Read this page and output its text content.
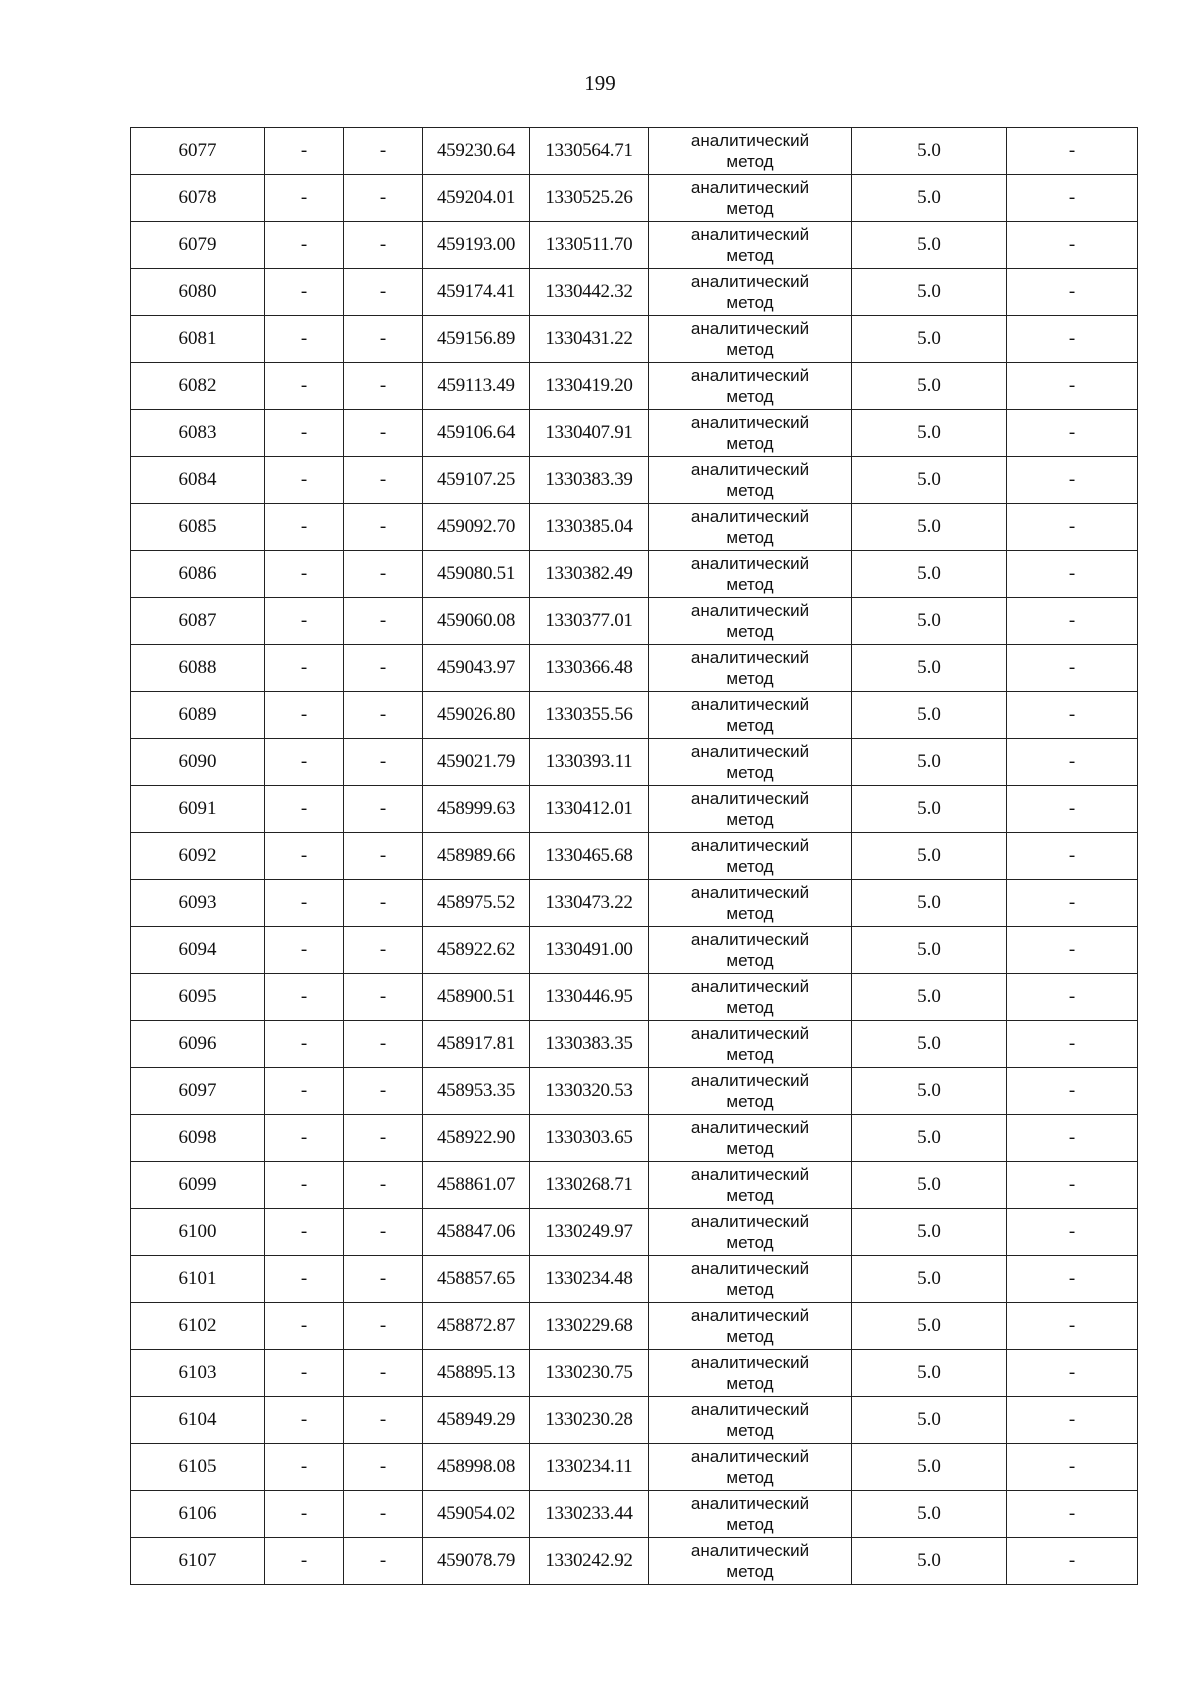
199
6077	-	-	459230.64	1330564.71	аналитический
метод	5.0	-
6078	-	-	459204.01	1330525.26	аналитический
метод	5.0	-
6079	-	-	459193.00	1330511.70	аналитический
метод	5.0	-
6080	-	-	459174.41	1330442.32	аналитический
метод	5.0	-
6081	-	-	459156.89	1330431.22	аналитический
метод	5.0	-
6082	-	-	459113.49	1330419.20	аналитический
метод	5.0	-
6083	-	-	459106.64	1330407.91	аналитический
метод	5.0	-
6084	-	-	459107.25	1330383.39	аналитический
метод	5.0	-
6085	-	-	459092.70	1330385.04	аналитический
метод	5.0	-
6086	-	-	459080.51	1330382.49	аналитический
метод	5.0	-
6087	-	-	459060.08	1330377.01	аналитический
метод	5.0	-
6088	-	-	459043.97	1330366.48	аналитический
метод	5.0	-
6089	-	-	459026.80	1330355.56	аналитический
метод	5.0	-
6090	-	-	459021.79	1330393.11	аналитический
метод	5.0	-
6091	-	-	458999.63	1330412.01	аналитический
метод	5.0	-
6092	-	-	458989.66	1330465.68	аналитический
метод	5.0	-
6093	-	-	458975.52	1330473.22	аналитический
метод	5.0	-
6094	-	-	458922.62	1330491.00	аналитический
метод	5.0	-
6095	-	-	458900.51	1330446.95	аналитический
метод	5.0	-
6096	-	-	458917.81	1330383.35	аналитический
метод	5.0	-
6097	-	-	458953.35	1330320.53	аналитический
метод	5.0	-
6098	-	-	458922.90	1330303.65	аналитический
метод	5.0	-
6099	-	-	458861.07	1330268.71	аналитический
метод	5.0	-
6100	-	-	458847.06	1330249.97	аналитический
метод	5.0	-
6101	-	-	458857.65	1330234.48	аналитический
метод	5.0	-
6102	-	-	458872.87	1330229.68	аналитический
метод	5.0	-
6103	-	-	458895.13	1330230.75	аналитический
метод	5.0	-
6104	-	-	458949.29	1330230.28	аналитический
метод	5.0	-
6105	-	-	458998.08	1330234.11	аналитический
метод	5.0	-
6106	-	-	459054.02	1330233.44	аналитический
метод	5.0	-
6107	-	-	459078.79	1330242.92	аналитический
метод	5.0	-
